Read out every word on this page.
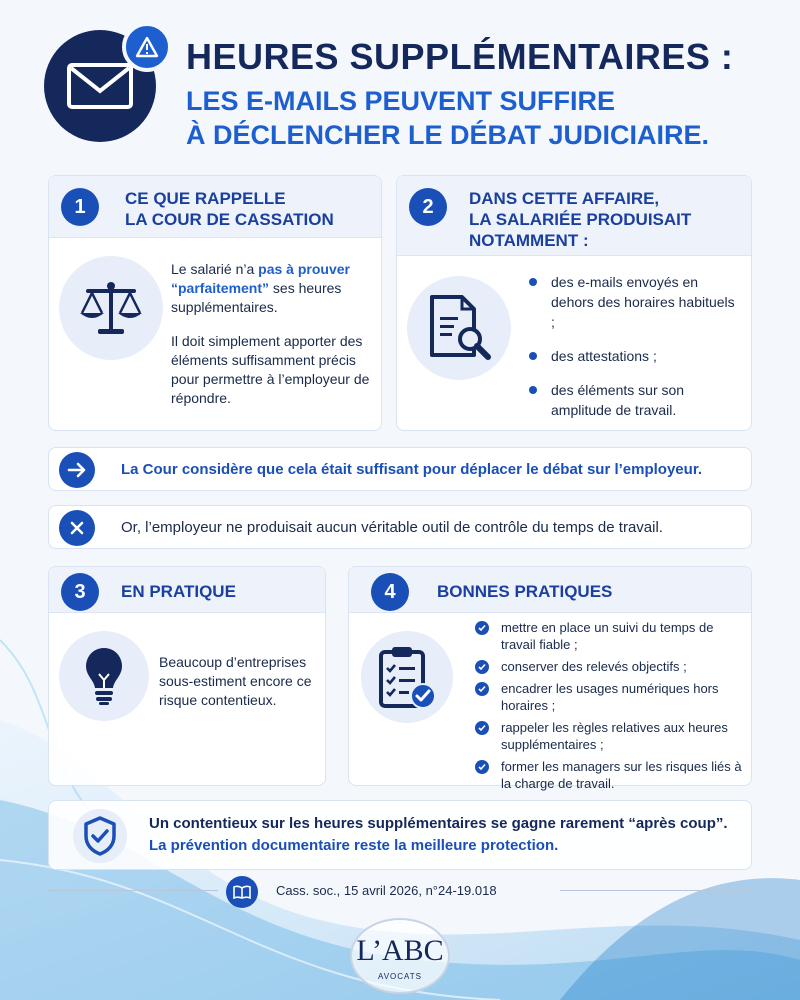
HEURES SUPPLÉMENTAIRES :
LES E-MAILS PEUVENT SUFFIRE
À DÉCLENCHER LE DÉBAT JUDICIAIRE.
1	CE QUE RAPPELLE
LA COUR DE CASSATION
Le salarié n’a pas à prouver “parfaitement” ses heures supplémentaires.
Il doit simplement apporter des éléments suffisamment précis pour permettre à l’employeur de répondre.
2	DANS CETTE AFFAIRE,
LA SALARIÉE PRODUISAIT
NOTAMMENT :
des e-mails envoyés en dehors des horaires habituels ;
des attestations ;
des éléments sur son amplitude de travail.
La Cour considère que cela était suffisant pour déplacer le débat sur l’employeur.
Or, l’employeur ne produisait aucun véritable outil de contrôle du temps de travail.
3	EN PRATIQUE
Beaucoup d’entreprises sous-estiment encore ce risque contentieux.
4	BONNES PRATIQUES
mettre en place un suivi du temps de travail fiable ;
conserver des relevés objectifs ;
encadrer les usages numériques hors horaires ;
rappeler les règles relatives aux heures supplémentaires ;
former les managers sur les risques liés à la charge de travail.
Un contentieux sur les heures supplémentaires se gagne rarement “après coup”.
La prévention documentaire reste la meilleure protection.
Cass. soc., 15 avril 2026, n°24-19.018
L’ABC
AVOCATS
